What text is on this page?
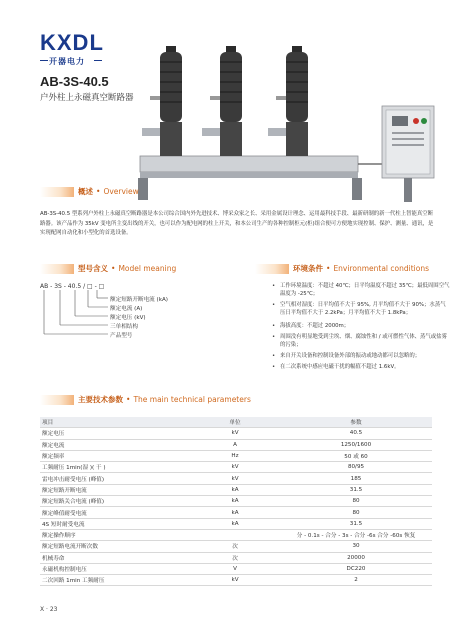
KXDL
开器电力
AB-3S-40.5
户外柱上永磁真空断路器
概述 • Overview
AB-3S-40.5 型系列户外柱上永磁真空断路器是本公司综合国内外先进技术、博采众家之长、采用金属设计理念、运用最科技手段、最新研制的新一代柱上智能真空断路器。该产品作为 35kV 变电所主变出线的开关，也可以作为配电网的柱上开关，和本公司生产的各种控制柜元(柜)组合便可方便地实现控制、保护、测量、通讯，是实现配网自动化和小型化的首选设备。
型号含义 • Model meaning
AB - 3S - 40.5 / □ - □
额定短路开断电流 (kA)
额定电流 (A)
额定电压 (kV)
三单相结构
产品型号
环境条件 • Environmental conditions
• 工作环境温度：不超过 40℃；日平均温度不超过 35℃；最低周围空气温度为 -25℃；
• 空气相对湿度：日平均值不大于 95%, 月平均值不大于 90%；水蒸气压日平均值不大于 2.2kPa；月平均值不大于 1.8kPa；
• 海拔高度：不超过 2000m；
• 周围没有明显地受到尘埃、烟、腐蚀性和 / 或可燃性气体、蒸气或盐雾的污染；
• 来自开关设备和控制设备外部的振动或地动都可以忽略的；
• 在二次系统中感应电磁干扰的幅值不超过 1.6kV。
主要技术参数 • The main technical parameters
项目	单位	参数
额定电压	kV	40.5
额定电流	A	1250/1600
额定频率	Hz	50 或 60
工频耐压 1min(湿 )( 干 )	kV	80/95
雷电冲击耐受电压 (峰值)	kV	185
额定短路开断电流	kA	31.5
额定短路关合电流 (峰值)	kA	80
额定峰值耐受电流	kA	80
4S 短时耐受电流	kA	31.5
额定操作顺序		分 - 0.1s - 合分 - 3s - 合分 -6s 合分 -60s 恢复
额定短路电流开断次数	次	30
机械寿命	次	20000
永磁机构控制电压	V	DC220
二次回路 1min 工频耐压	kV	2
X · 23
